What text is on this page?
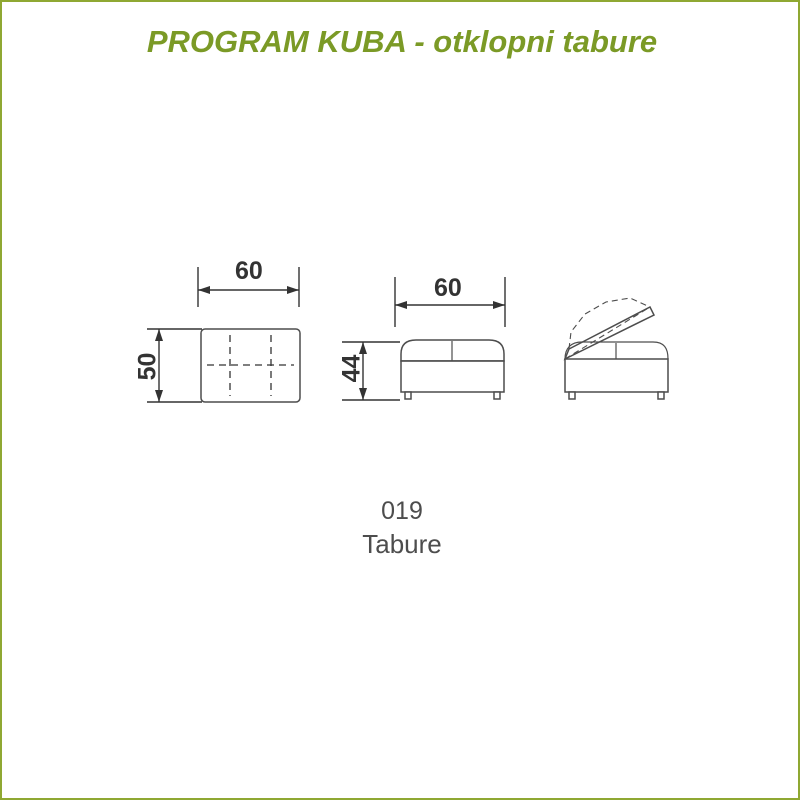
PROGRAM KUBA - otklopni tabure
60
50
60
44
019
Tabure
